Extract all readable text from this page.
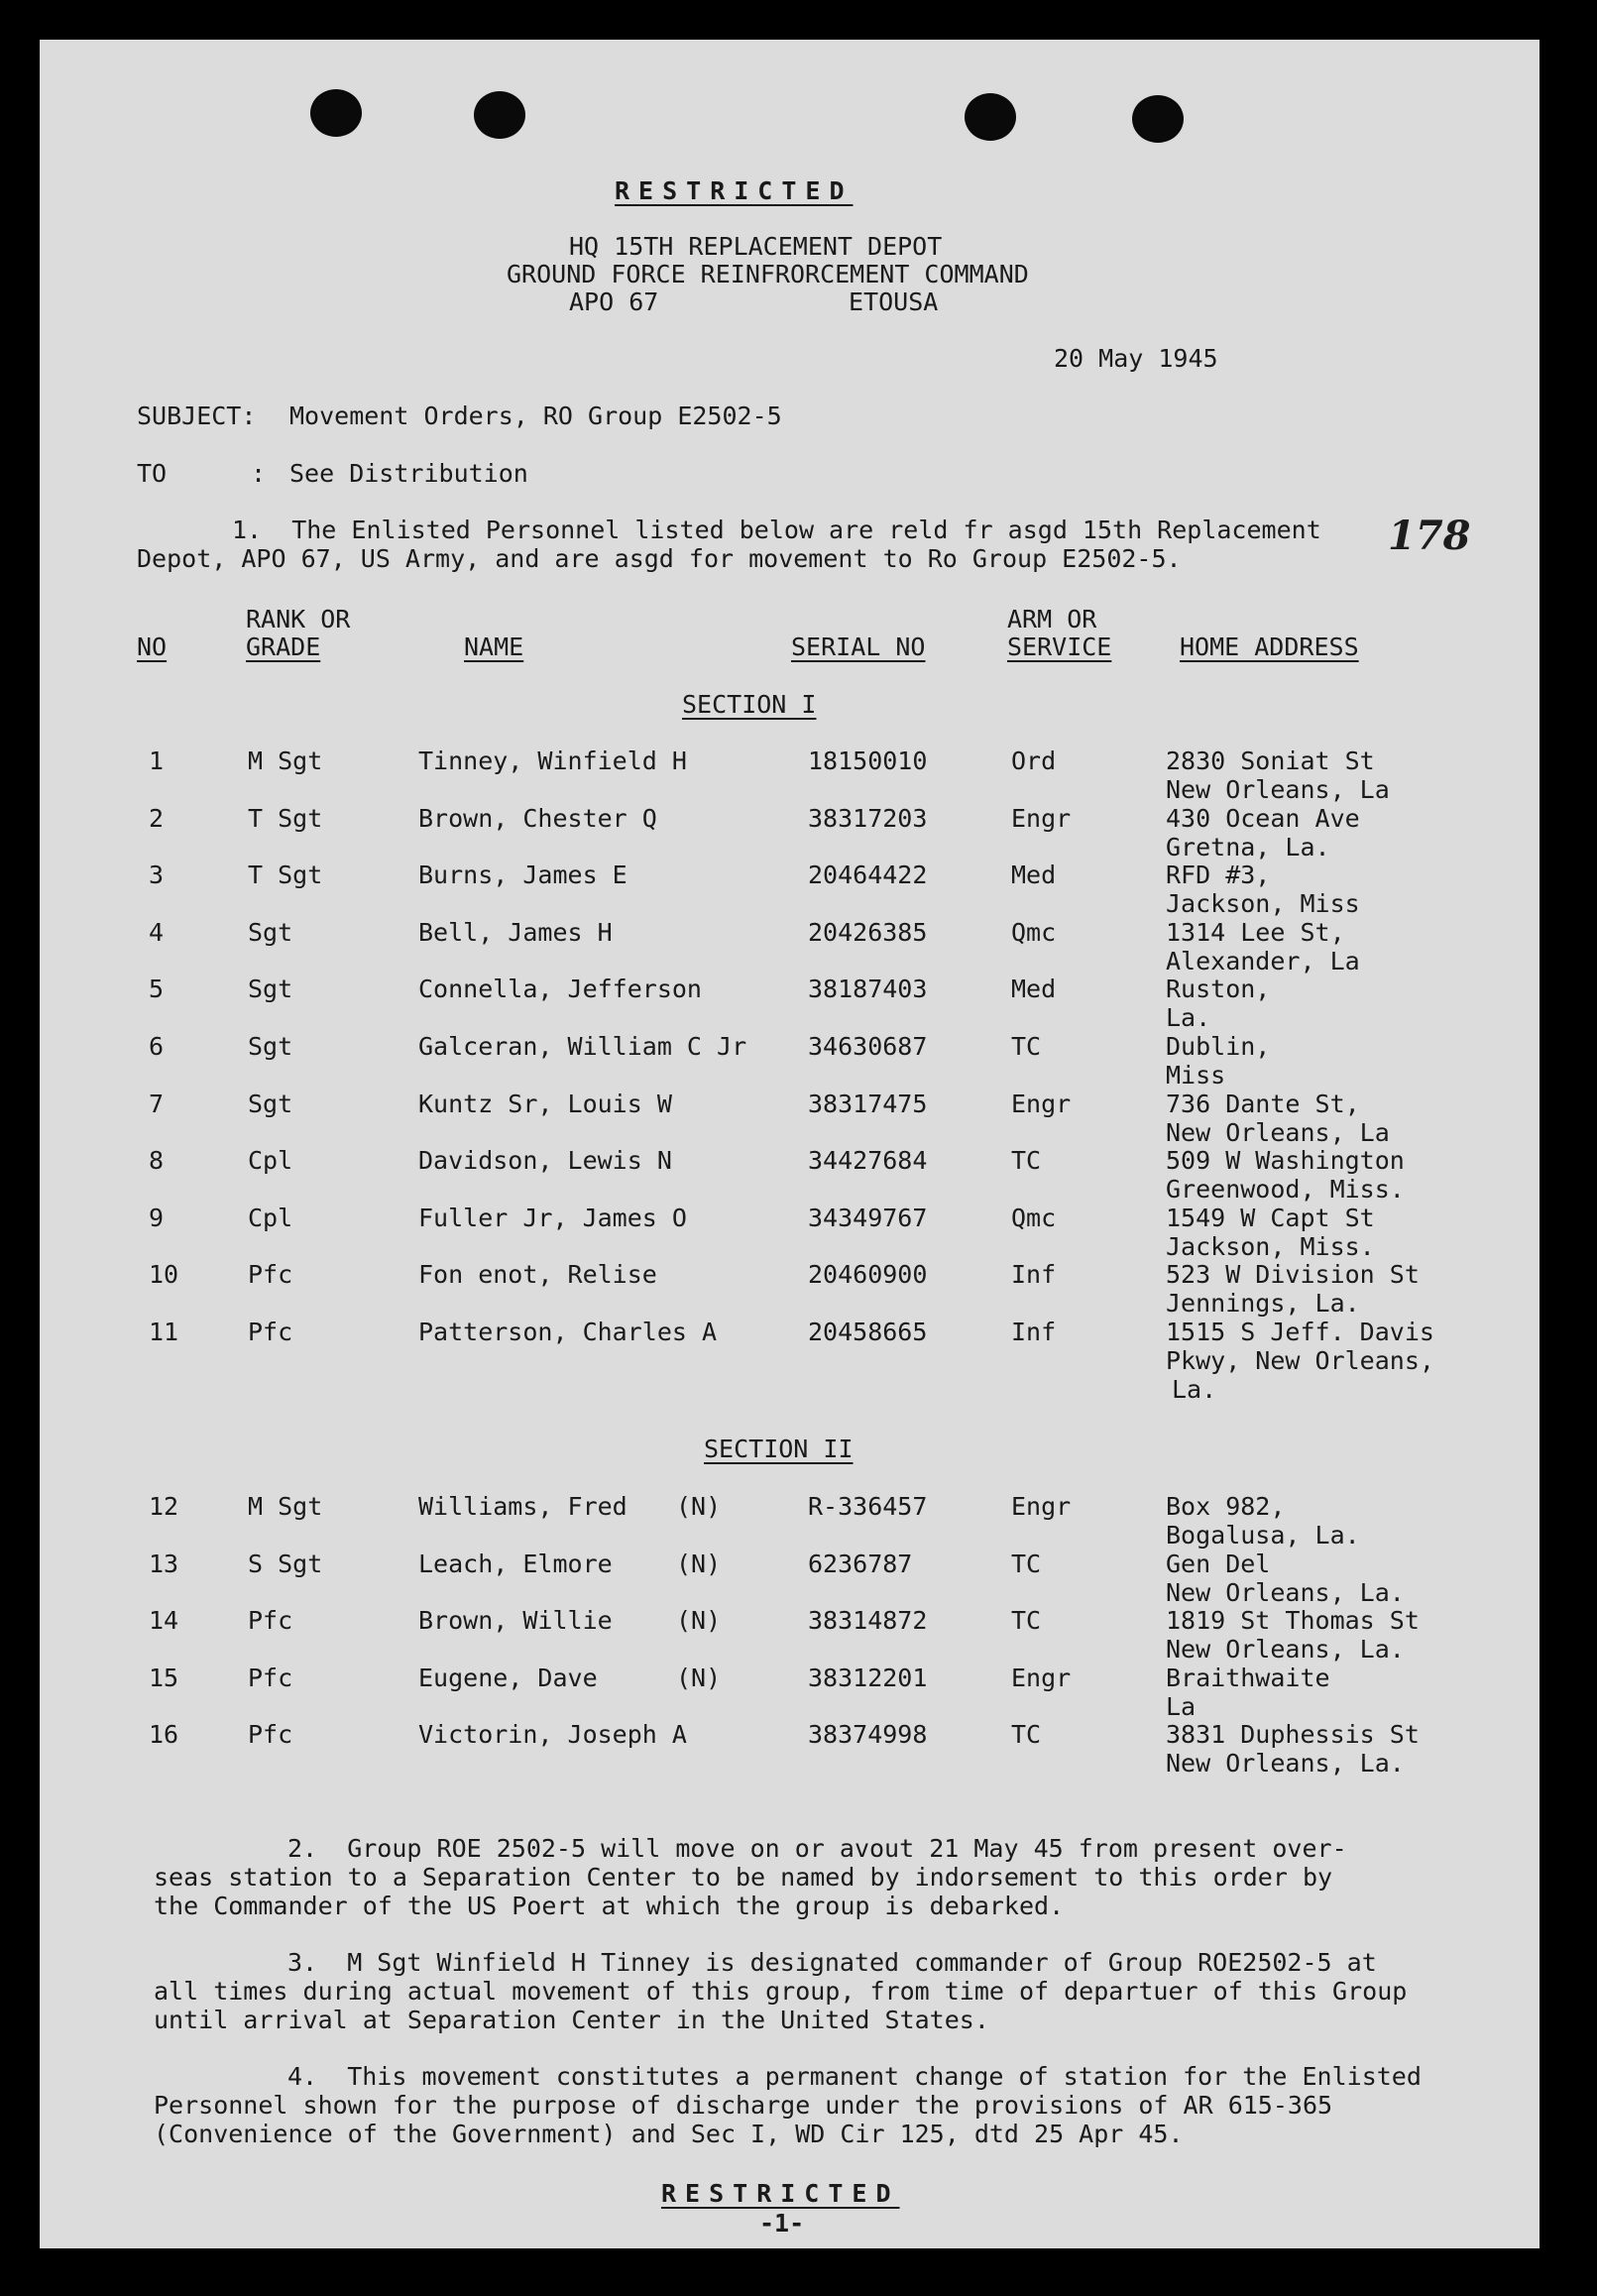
RESTRICTED
HQ 15TH REPLACEMENT DEPOT
GROUND FORCE REINFRORCEMENT COMMAND
APO 67	ETOUSA
20 May 1945
SUBJECT: Movement Orders, RO Group E2502-5
TO	: See Distribution
178
1.  The Enlisted Personnel listed below are reld fr asgd 15th Replacement
Depot, APO 67, US Army, and are asgd for movement to Ro Group E2502-5.
NO
RANK OR
GRADE	NAME	SERIAL NO
ARM OR
SERVICE	HOME ADDRESS
SECTION I
1	M Sgt	Tinney, Winfield H	18150010	Ord	2830 Soniat St
New Orleans, La
2	T Sgt	Brown, Chester Q	38317203	Engr	430 Ocean Ave
Gretna, La.
3	T Sgt	Burns, James E	20464422	Med	RFD #3,
Jackson, Miss
4	Sgt	Bell, James H	20426385	Qmc	1314 Lee St,
Alexander, La
5	Sgt	Connella, Jefferson	38187403	Med	Ruston,
La.
6	Sgt	Galceran, William C Jr 34630687	TC	Dublin,
Miss
7	Sgt	Kuntz Sr, Louis W	38317475	Engr	736 Dante St,
New Orleans, La
8	Cpl	Davidson, Lewis N	34427684	TC	509 W Washington
Greenwood, Miss.
9	Cpl	Fuller Jr, James O	34349767	Qmc	1549 W Capt St
Jackson, Miss.
10	Pfc	Fon enot, Relise	20460900	Inf	523 W Division St
Jennings, La.
11	Pfc	Patterson, Charles A	20458665	Inf	1515 S Jeff. Davis
Pkwy, New Orleans,
La.
SECTION II
12	M Sgt	Williams, Fred (N)	R-336457	Engr	Box 982,
Bogalusa, La.
13	S Sgt	Leach, Elmore	(N)	6236787	TC	Gen Del
New Orleans, La.
14	Pfc	Brown, Willie	(N)	38314872	TC	1819 St Thomas St
New Orleans, La.
15	Pfc	Eugene, Dave	(N)	38312201	Engr	Braithwaite
La
16	Pfc	Victorin, Joseph A	38374998	TC	3831 Duphessis St
New Orleans, La.
2.  Group ROE 2502-5 will move on or avout 21 May 45 from present over-
seas station to a Separation Center to be named by indorsement to this order by
the Commander of the US Poert at which the group is debarked.
3.  M Sgt Winfield H Tinney is designated commander of Group ROE2502-5 at
all times during actual movement of this group, from time of departuer of this Group
until arrival at Separation Center in the United States.
4.  This movement constitutes a permanent change of station for the Enlisted
Personnel shown for the purpose of discharge under the provisions of AR 615-365
(Convenience of the Government) and Sec I, WD Cir 125, dtd 25 Apr 45.
RESTRICTED
-1-
